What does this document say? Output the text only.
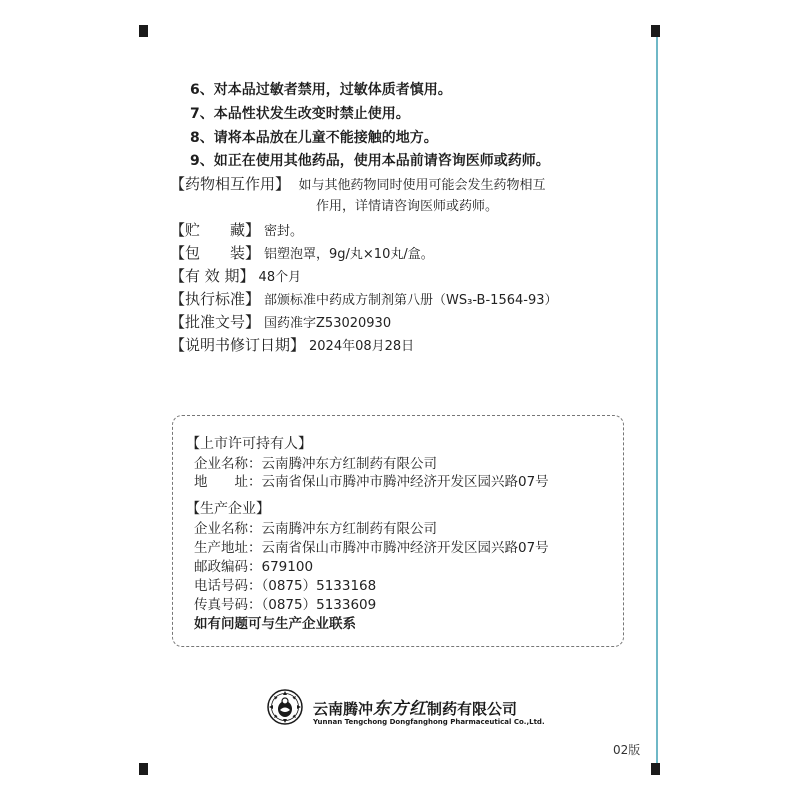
6、对本品过敏者禁用，过敏体质者慎用。
7、本品性状发生改变时禁止使用。
8、请将本品放在儿童不能接触的地方。
9、如正在使用其他药品，使用本品前请咨询医师或药师。
【药物相互作用】 如与其他药物同时使用可能会发生药物相互
作用，详情请咨询医师或药师。
【贮　　藏】 密封。
【包　　装】 铝塑泡罩，9g/丸×10丸/盒。
【有 效 期】 48个月
【执行标准】 部颁标准中药成方制剂第八册（WS₃-B-1564-93）
【批准文号】 国药准字Z53020930
【说明书修订日期】 2024年08月28日
【上市许可持有人】
企业名称：云南腾冲东方红制药有限公司
地　　址：云南省保山市腾冲市腾冲经济开发区园兴路07号
【生产企业】
企业名称：云南腾冲东方红制药有限公司
生产地址：云南省保山市腾冲市腾冲经济开发区园兴路07号
邮政编码：679100
电话号码：（0875）5133168
传真号码：（0875）5133609
如有问题可与生产企业联系
云南腾冲东方红制药有限公司
Yunnan Tengchong Dongfanghong Pharmaceutical Co.,Ltd.
02版
